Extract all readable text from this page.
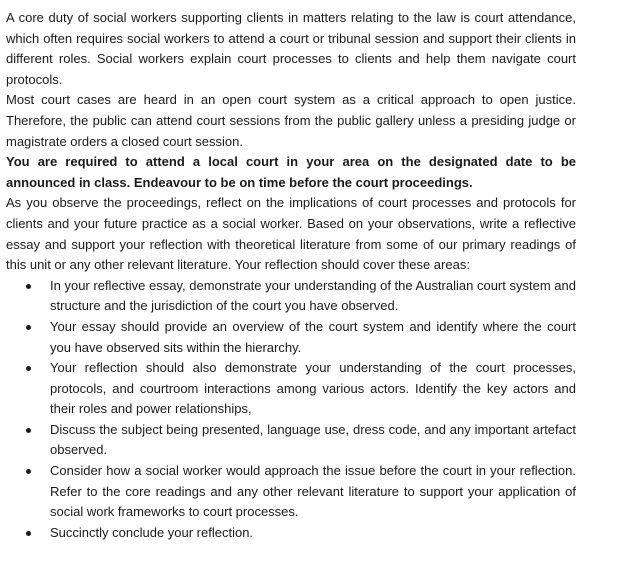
A core duty of social workers supporting clients in matters relating to the law is court attendance, which often requires social workers to attend a court or tribunal session and support their clients in different roles. Social workers explain court processes to clients and help them navigate court protocols.

Most court cases are heard in an open court system as a critical approach to open justice. Therefore, the public can attend court sessions from the public gallery unless a presiding judge or magistrate orders a closed court session.

You are required to attend a local court in your area on the designated date to be announced in class. Endeavour to be on time before the court proceedings.

As you observe the proceedings, reflect on the implications of court processes and protocols for clients and your future practice as a social worker. Based on your observations, write a reflective essay and support your reflection with theoretical literature from some of our primary readings of this unit or any other relevant literature. Your reflection should cover these areas:

In your reflective essay, demonstrate your understanding of the Australian court system and structure and the jurisdiction of the court you have observed.
Your essay should provide an overview of the court system and identify where the court you have observed sits within the hierarchy.
Your reflection should also demonstrate your understanding of the court processes, protocols, and courtroom interactions among various actors. Identify the key actors and their roles and power relationships,
Discuss the subject being presented, language use, dress code, and any important artefact observed.
Consider how a social worker would approach the issue before the court in your reflection. Refer to the core readings and any other relevant literature to support your application of social work frameworks to court processes.
Succinctly conclude your reflection.
